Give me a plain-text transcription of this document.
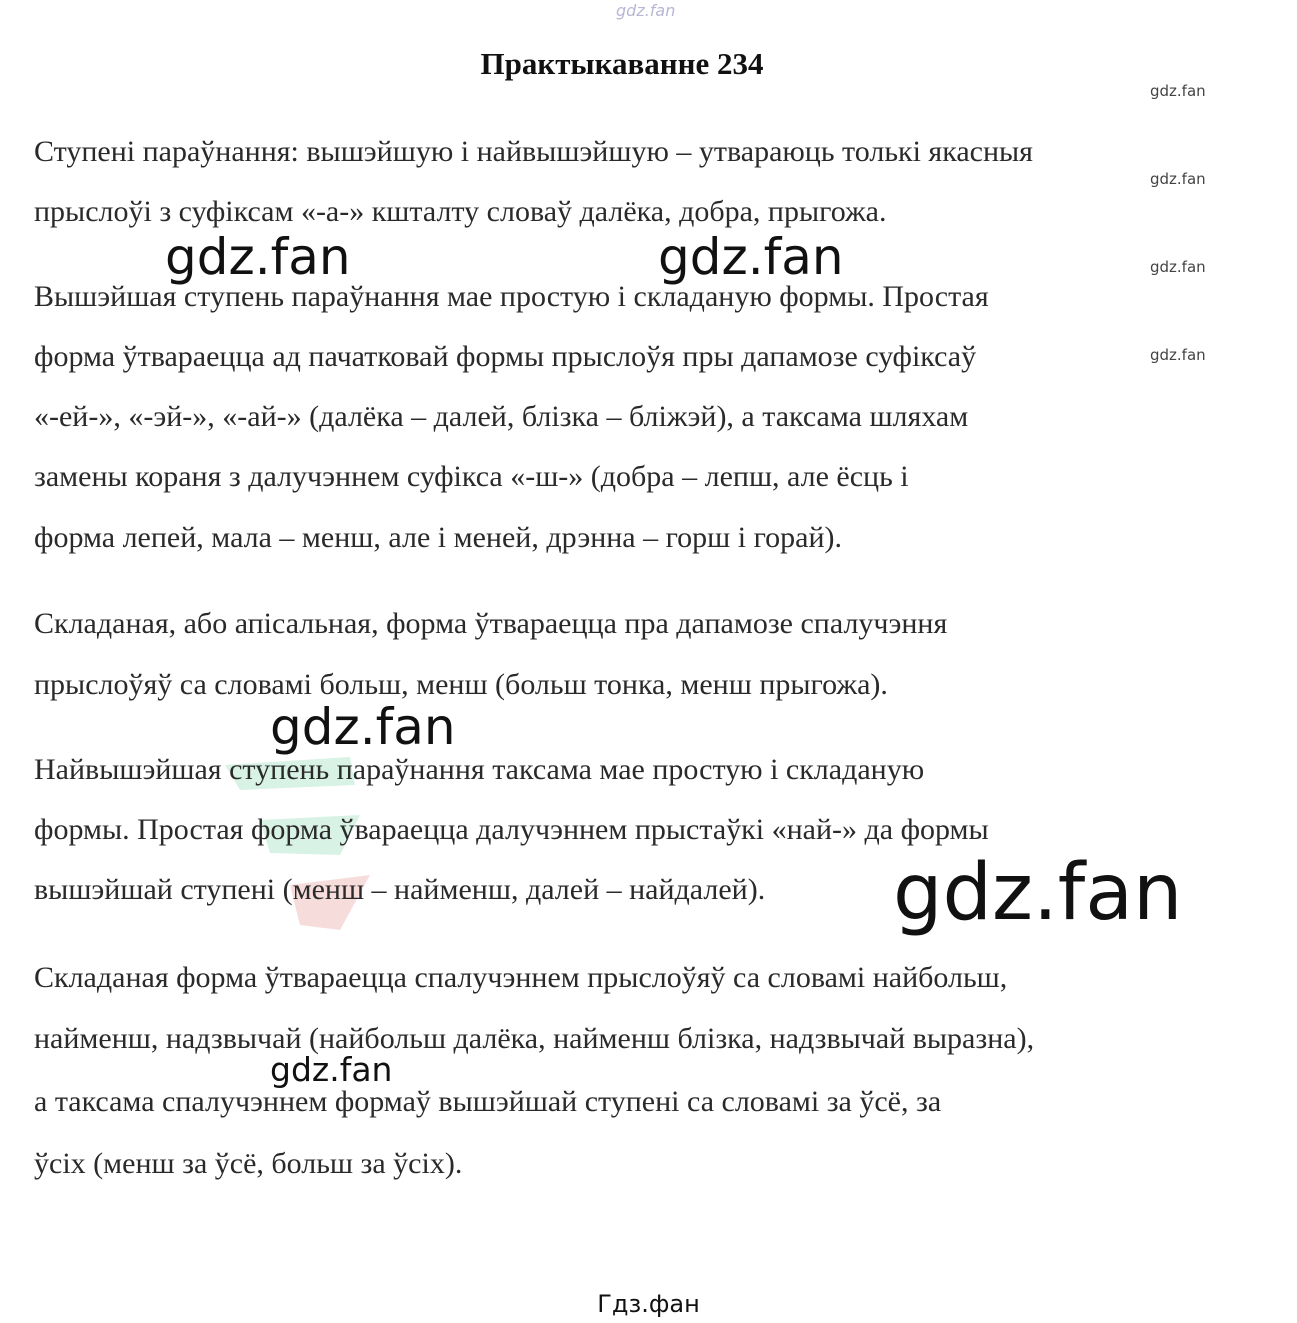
gdz.fan
Практыкаванне 234
gdz.fan
gdz.fan
gdz.fan
gdz.fan
Ступені параўнання: вышэйшую і найвышэйшую – утвараюць толькі якасныя
прыслоўі з суфіксам «-а-» кшталту словаў далёка, добра, прыгожа.
gdz.fan	gdz.fan
Вышэйшая ступень параўнання мае простую і складаную формы. Простая
форма ўтвараецца ад пачатковай формы прыслоўя пры дапамозе суфіксаў
«-ей-», «-эй-», «-ай-» (далёка – далей, блізка – бліжэй), а таксама шляхам
замены кораня з далучэннем суфікса «-ш-» (добра – лепш, але ёсць і
форма лепей, мала – менш, але і меней, дрэнна – горш і горай).
Складаная, або апісальная, форма ўтвараецца пра дапамозе спалучэння
прыслоўяў са словамі больш, менш (больш тонка, менш прыгожа).
gdz.fan
Найвышэйшая ступень параўнання таксама мае простую і складаную
формы. Простая форма ўвараецца далучэннем прыстаўкі «най-» да формы
вышэйшай ступені (менш – найменш, далей – найдалей). gdz.fan
Складаная форма ўтвараецца спалучэннем прыслоўяў са словамі найбольш,
найменш, надзвычай (найбольш далёка, найменш блізка, надзвычай выразна),
gdz.fan
а таксама спалучэннем формаў вышэйшай ступені са словамі за ўсё, за
ўсіх (менш за ўсё, больш за ўсіх).
Гдз.фан
